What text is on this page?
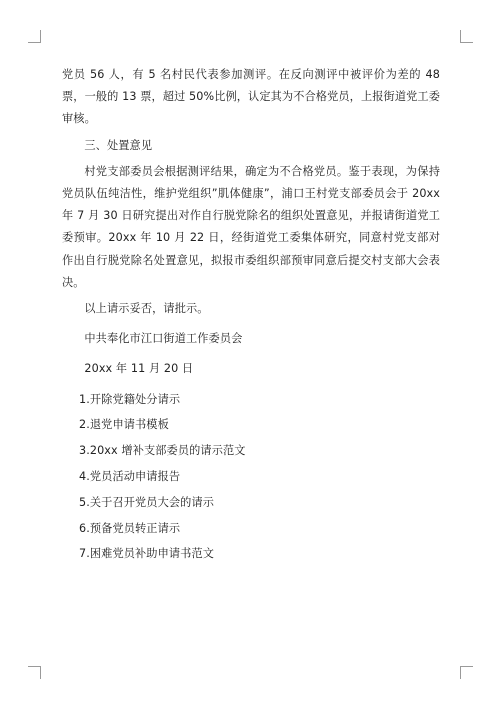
党员 56 人，有 5 名村民代表参加测评。在反向测评中被评价为差的 48 票，一般的 13 票，超过 50%比例，认定其为不合格党员，上报街道党工委审核。

三、处置意见

村党支部委员会根据测评结果，确定为不合格党员。鉴于表现，为保持党员队伍纯洁性，维护党组织”肌体健康”，浦口王村党支部委员会于 20xx 年 7 月 30 日研究提出对作自行脱党除名的组织处置意见，并报请街道党工委预审。20xx 年 10 月 22 日，经街道党工委集体研究，同意村党支部对作出自行脱党除名处置意见，拟报市委组织部预审同意后提交村支部大会表决。

以上请示妥否，请批示。

中共奉化市江口街道工作委员会

20xx 年 11 月 20 日

1.开除党籍处分请示
2.退党申请书模板
3.20xx 增补支部委员的请示范文
4.党员活动申请报告
5.关于召开党员大会的请示
6.预备党员转正请示
7.困难党员补助申请书范文
